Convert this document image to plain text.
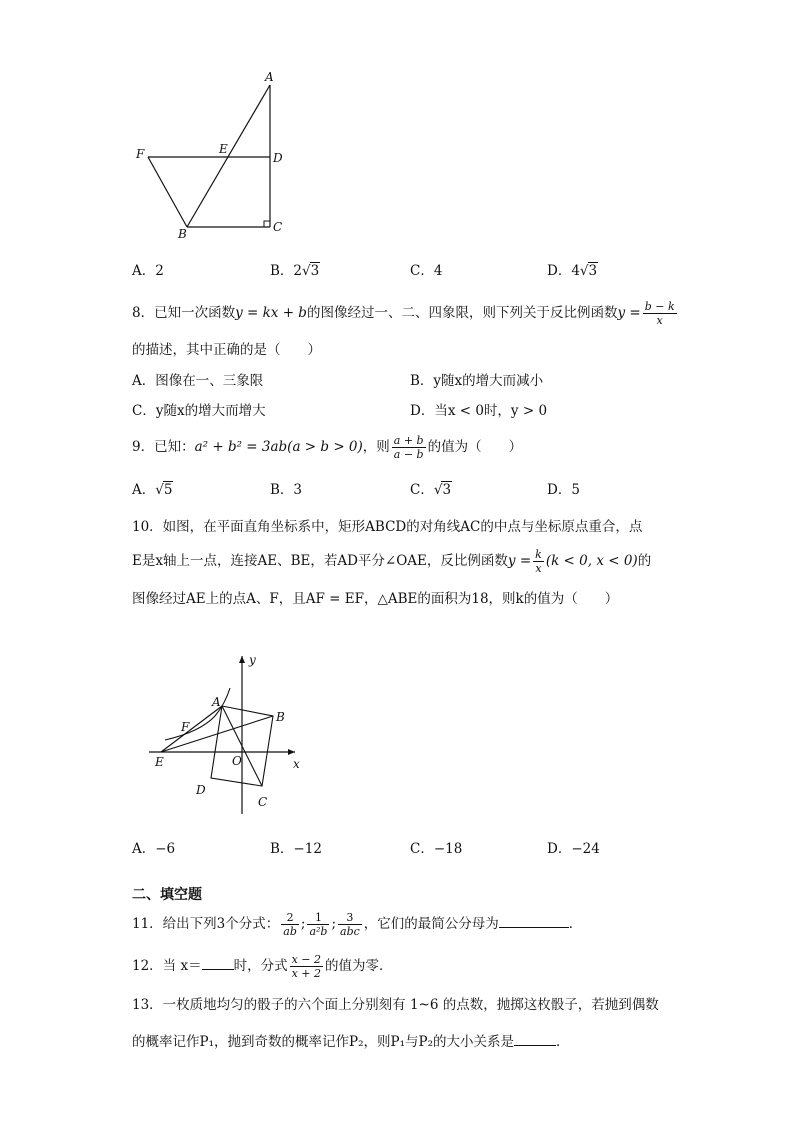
A
F	E
D
B	C
A．2	B．2√3	C．4	D．4√3
8．已知一次函数y = kx + b的图像经过一、二、四象限，则下列关于反比例函数$y = \frac{b - k}{x}$
的描述，其中正确的是（　　）
A．图像在一、三象限	B．y随x的增大而减小
C．y随x的增大而增大	D．当x < 0时，y > 0
9．已知：a² + b² = 3ab(a > b > 0)，则 $\frac{a + b}{a - b}$ 的值为（　　）
A．√5	B．3	C．√3	D．5
10．如图，在平面直角坐标系中，矩形ABCD的对角线AC的中点与坐标原点重合，点
E是x轴上一点，连接AE、BE，若AD平分∠OAE，反比例函数$y = \frac{k}{x} (k < 0$, x < 0)的
图像经过AE上的点A、F，且AF = EF，△ABE的面积为18，则k的值为（　　）
y
x
A
B
F
E	O
D
C
A．−6	B．−12	C．−18	D．−24
二、填空题
11．给出下列3个分式： $\frac{2}{ab}$ ; $\frac{1}{\text{a²b}}$ ; $\frac{3}{\text{abc}}$ ，它们的最简公分母为	．
12．当 x＝ 时，分式 $\frac{x - 2}{x + 2}$ 的值为零．
13．一枚质地均匀的骰子的六个面上分别刻有 1~6 的点数，抛掷这枚骰子，若抛到偶数
的概率记作P₁，抛到奇数的概率记作P₂，则P₁与P₂的大小关系是	．
